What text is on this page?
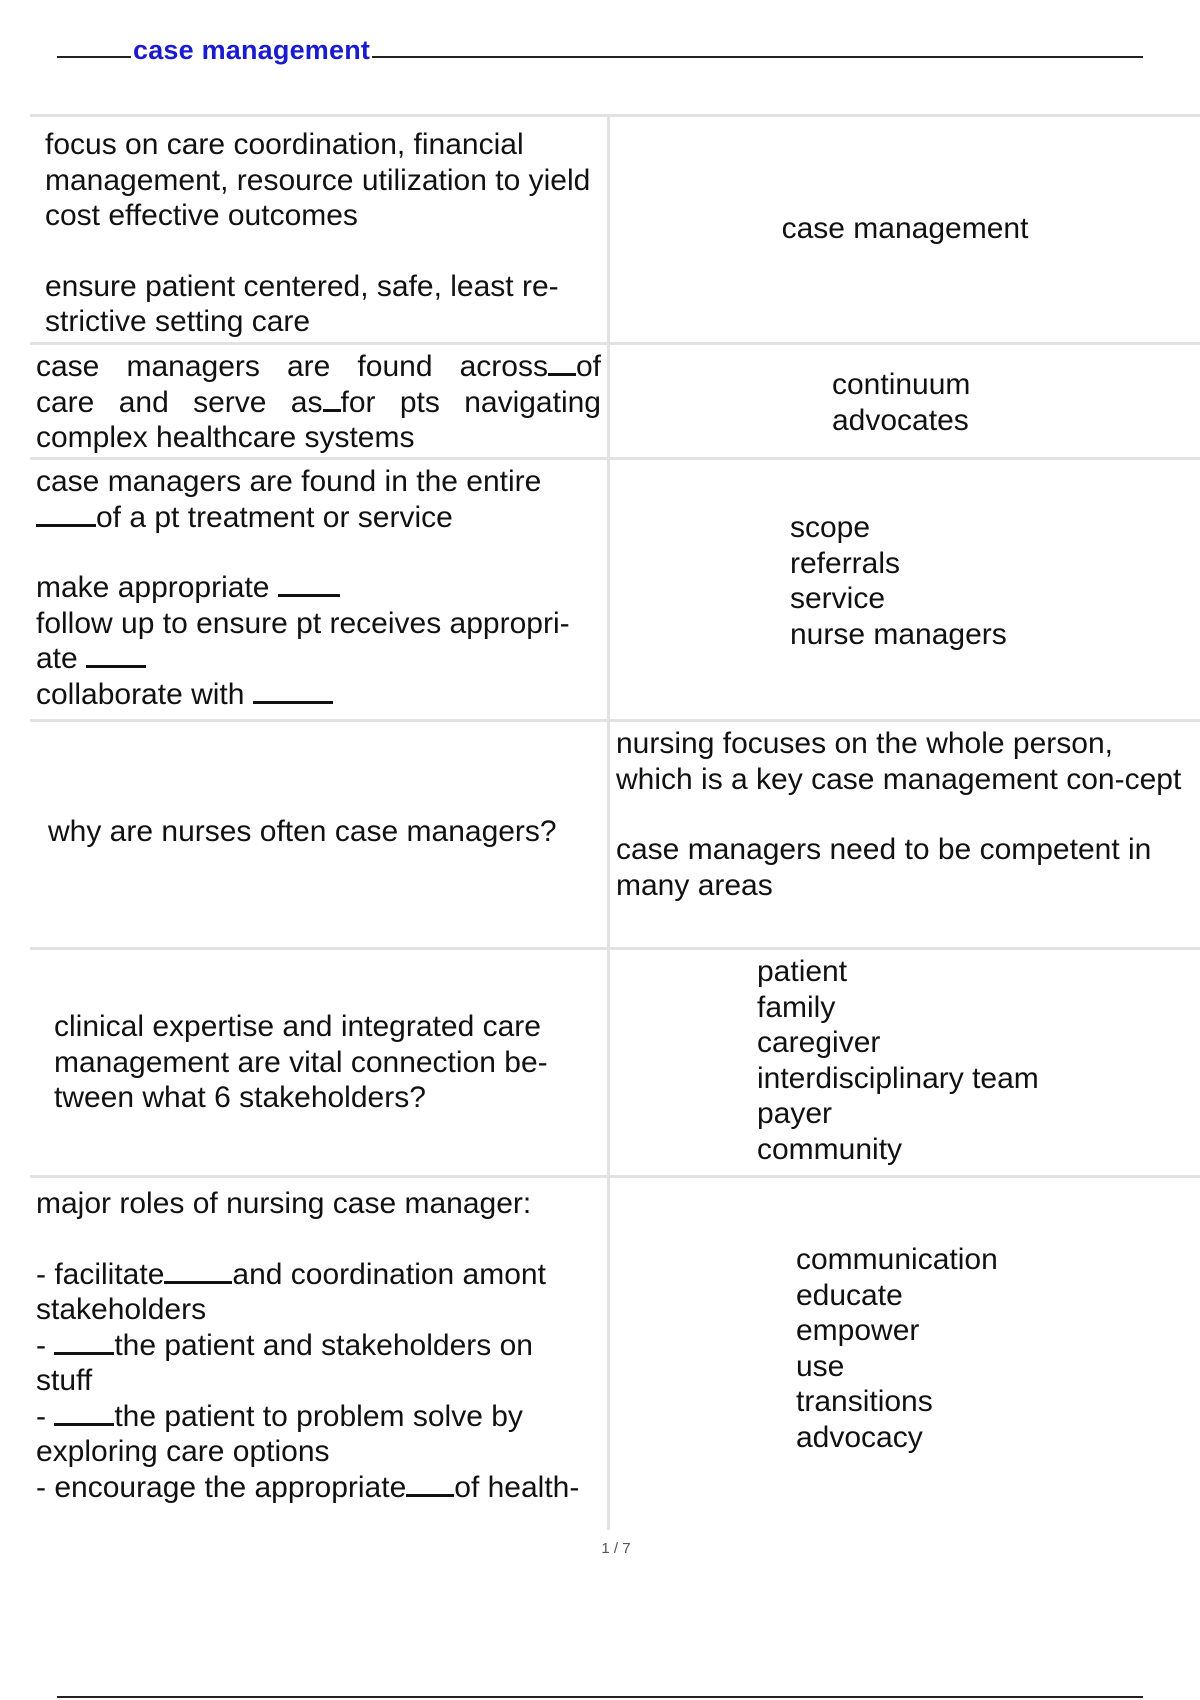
case management
focus on care coordination, financial management, resource utilization to yield cost effective outcomes
ensure patient centered, safe, least re-strictive setting care
case management
case managers are found across of
care and serve as for pts navigating
complex healthcare systems
continuum
advocates
case managers are found in the entire
of a pt treatment or service
make appropriate
follow up to ensure pt receives appropri-
ate
collaborate with
scope
referrals
service
nurse managers
why are nurses often case managers?
nursing focuses on the whole person, which is a key case management con-cept
case managers need to be competent in many areas
clinical expertise and integrated care management are vital connection be-tween what 6 stakeholders?
patient
family
caregiver
interdisciplinary team
payer
community
major roles of nursing case manager:
- facilitate and coordination amont
stakeholders
- the patient and stakeholders on
stuff
- the patient to problem solve by
exploring care options
- encourage the appropriate of health-
communication
educate
empower
use
transitions
advocacy
1 / 7
